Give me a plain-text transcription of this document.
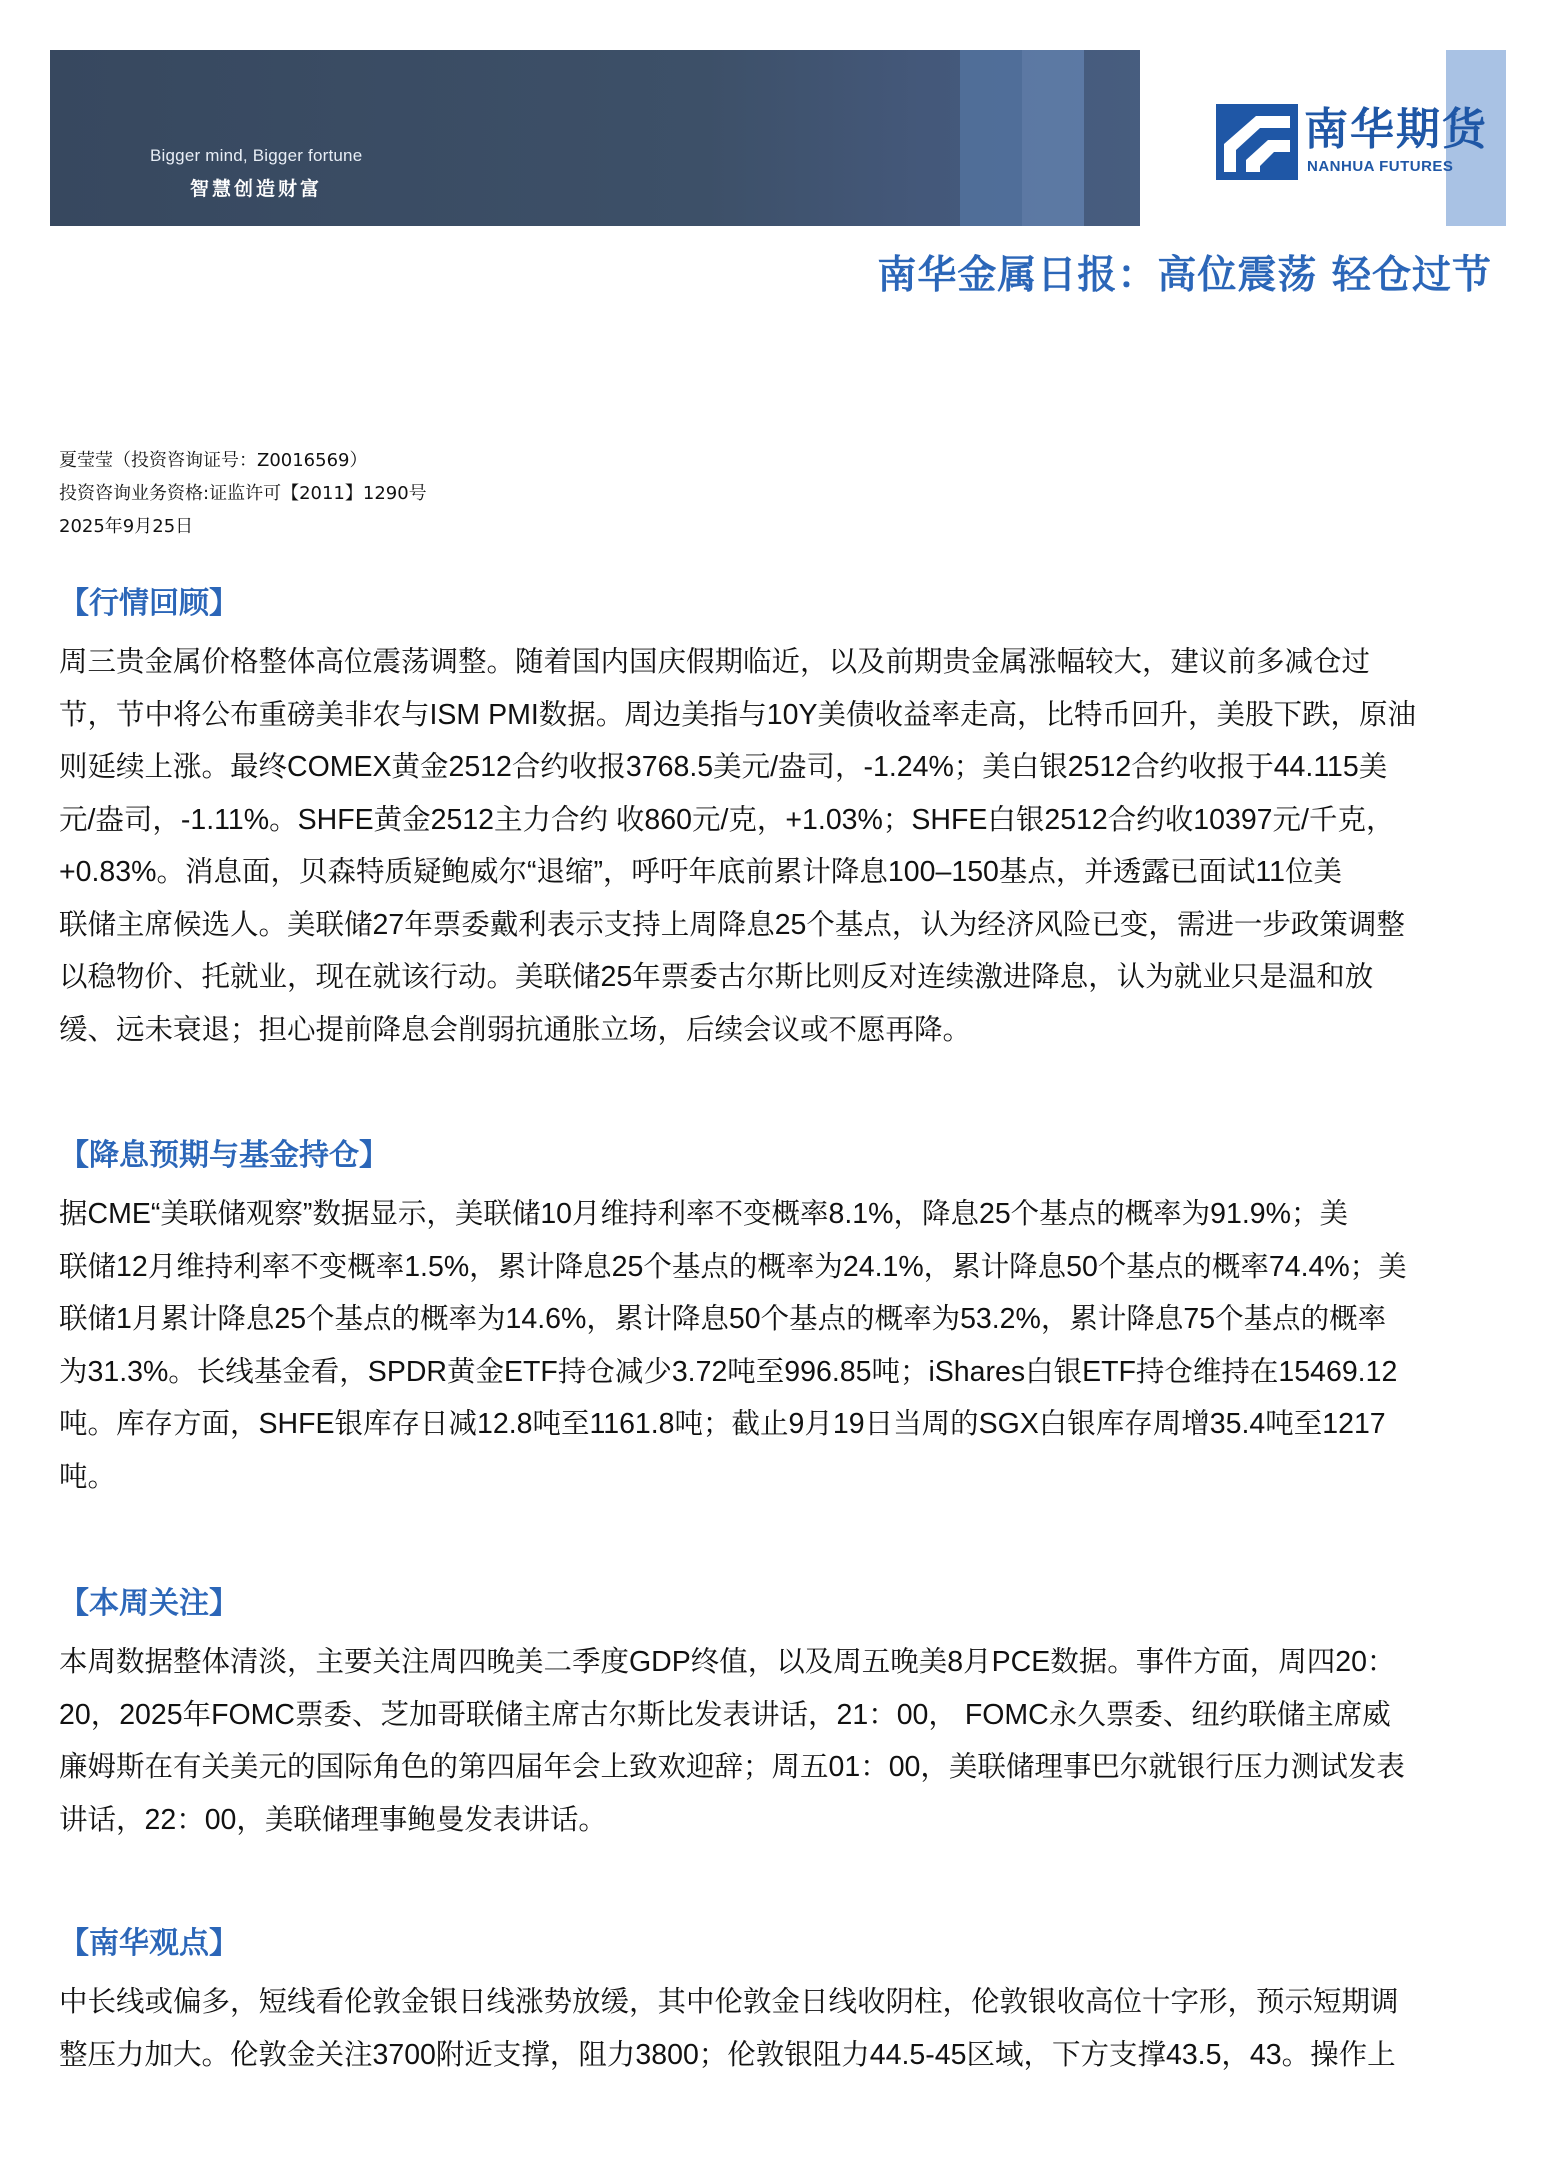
Bigger mind, Bigger fortune
智慧创造财富
南华期货
NANHUA FUTURES
南华金属日报：高位震荡 轻仓过节
夏莹莹（投资咨询证号：Z0016569）
投资咨询业务资格:证监许可【2011】1290号
2025年9月25日
【行情回顾】
周三贵金属价格整体高位震荡调整。随着国内国庆假期临近，以及前期贵金属涨幅较大，建议前多减仓过
节，节中将公布重磅美非农与ISM PMI数据。周边美指与10Y美债收益率走高，比特币回升，美股下跌，原油
则延续上涨。最终COMEX黄金2512合约收报3768.5美元/盎司，-1.24%；美白银2512合约收报于44.115美
元/盎司，-1.11%。SHFE黄金2512主力合约 收860元/克，+1.03%；SHFE白银2512合约收10397元/千克，
+0.83%。消息面，贝森特质疑鲍威尔“退缩”，呼吁年底前累计降息100–150基点，并透露已面试11位美
联储主席候选人。美联储27年票委戴利表示支持上周降息25个基点，认为经济风险已变，需进一步政策调整
以稳物价、托就业，现在就该行动。美联储25年票委古尔斯比则反对连续激进降息，认为就业只是温和放
缓、远未衰退；担心提前降息会削弱抗通胀立场，后续会议或不愿再降。
【降息预期与基金持仓】
据CME“美联储观察”数据显示，美联储10月维持利率不变概率8.1%，降息25个基点的概率为91.9%；美
联储12月维持利率不变概率1.5%，累计降息25个基点的概率为24.1%，累计降息50个基点的概率74.4%；美
联储1月累计降息25个基点的概率为14.6%，累计降息50个基点的概率为53.2%，累计降息75个基点的概率
为31.3%。长线基金看，SPDR黄金ETF持仓减少3.72吨至996.85吨；iShares白银ETF持仓维持在15469.12
吨。库存方面，SHFE银库存日减12.8吨至1161.8吨；截止9月19日当周的SGX白银库存周增35.4吨至1217
吨。
【本周关注】
本周数据整体清淡，主要关注周四晚美二季度GDP终值，以及周五晚美8月PCE数据。事件方面，周四20：
20，2025年FOMC票委、芝加哥联储主席古尔斯比发表讲话，21：00， FOMC永久票委、纽约联储主席威
廉姆斯在有关美元的国际角色的第四届年会上致欢迎辞；周五01：00，美联储理事巴尔就银行压力测试发表
讲话，22：00，美联储理事鲍曼发表讲话。
【南华观点】
中长线或偏多，短线看伦敦金银日线涨势放缓，其中伦敦金日线收阴柱，伦敦银收高位十字形，预示短期调
整压力加大。伦敦金关注3700附近支撑，阻力3800；伦敦银阻力44.5-45区域，下方支撑43.5，43。操作上
